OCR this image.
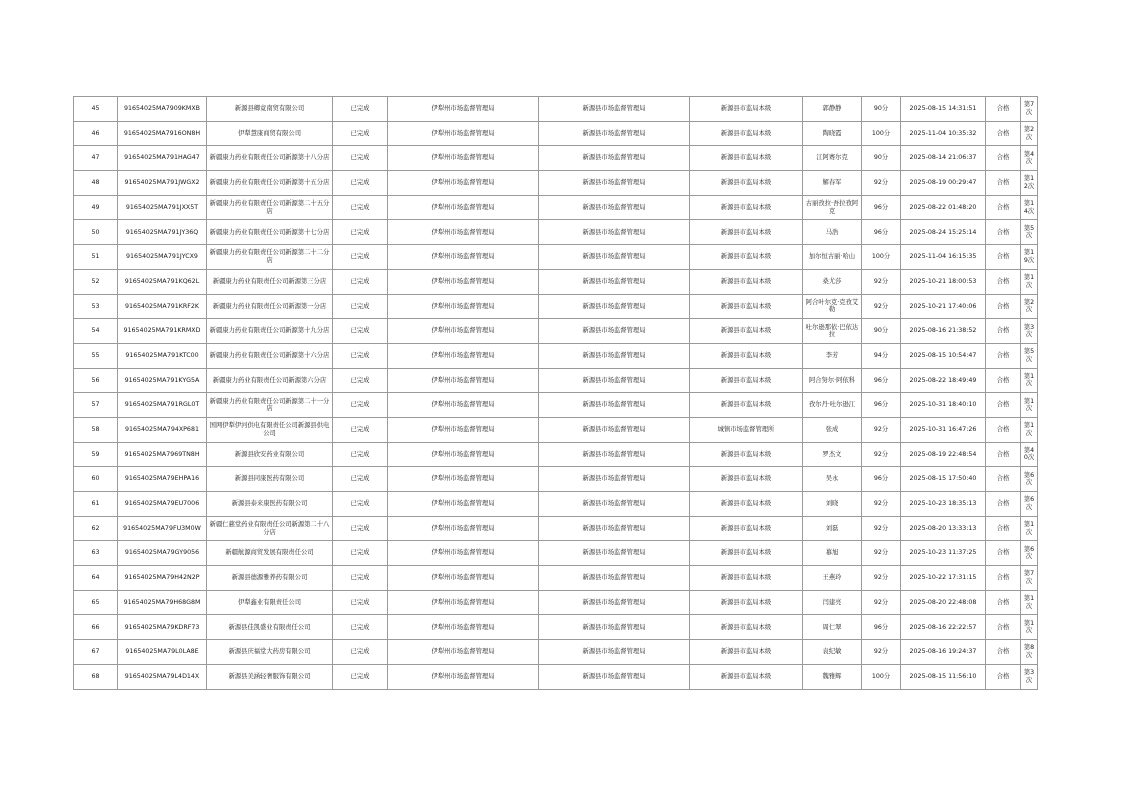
45	91654025MA7909KMXB	新源县卿竟南贸有限公司	已完成	伊犁州市场监督管理局	新源县市场监督管理局	新源县市监局本级	郭静静	90分	2025-08-15 14:31:51	合格	第7次
46	91654025MA7916ON8H	伊犁慧康商贸有限公司	已完成	伊犁州市场监督管理局	新源县市场监督管理局	新源县市监局本级	陶晓霞	100分	2025-11-04 10:35:32	合格	第2次
47	91654025MA791HAG47	新疆康力药业有限责任公司新源第十八分店	已完成	伊犁州市场监督管理局	新源县市场监督管理局	新源县市监局本级	江阿赛尔克	90分	2025-08-14 21:06:37	合格	第4次
48	91654025MA791JWGX2	新疆康力药业有限责任公司新源第十五分店	已完成	伊犁州市场监督管理局	新源县市场监督管理局	新源县市监局本级	解春军	92分	2025-08-19 00:29:47	合格	第12次
49	91654025MA791JXX5T	新疆康力药业有限责任公司新源第二十五分店	已完成	伊犁州市场监督管理局	新源县市场监督管理局	新源县市监局本级	古丽孜拉·吾拉孜阿克	96分	2025-08-22 01:48:20	合格	第14次
50	91654025MA791JY36Q	新疆康力药业有限责任公司新源第十七分店	已完成	伊犁州市场监督管理局	新源县市场监督管理局	新源县市监局本级	马浩	96分	2025-08-24 15:25:14	合格	第5次
51	91654025MA791JYCX9	新疆康力药业有限责任公司新源第二十二分店	已完成	伊犁州市场监督管理局	新源县市场监督管理局	新源县市监局本级	加尔恒古丽·哈山	100分	2025-11-04 16:15:35	合格	第19次
52	91654025MA791KQ62L	新疆康力药业有限责任公司新源第三分店	已完成	伊犁州市场监督管理局	新源县市场监督管理局	新源县市监局本级	桑尤莎	92分	2025-10-21 18:00:53	合格	第1次
53	91654025MA791KRF2K	新疆康力药业有限责任公司新源第一分店	已完成	伊犁州市场监督管理局	新源县市场监督管理局	新源县市监局本级	阿合叶尔克·克孜艾勒	92分	2025-10-21 17:40:06	合格	第2次
54	91654025MA791KRMXD	新疆康力药业有限责任公司新源第十九分店	已完成	伊犁州市场监督管理局	新源县市场监督管理局	新源县市监局本级	吐尔逊那依·巴依达拉	90分	2025-08-16 21:38:52	合格	第3次
55	91654025MA791KTC00	新疆康力药业有限责任公司新源第十六分店	已完成	伊犁州市场监督管理局	新源县市场监督管理局	新源县市监局本级	李芳	94分	2025-08-15 10:54:47	合格	第5次
56	91654025MA791KYG5A	新疆康力药业有限责任公司新源第六分店	已完成	伊犁州市场监督管理局	新源县市场监督管理局	新源县市监局本级	阿合努尔·阿依科	96分	2025-08-22 18:49:49	合格	第1次
57	91654025MA791RGL0T	新疆康力药业有限责任公司新源第二十一分店	已完成	伊犁州市场监督管理局	新源县市场监督管理局	新源县市监局本级	孜尔丹·吐尔逊江	96分	2025-10-31 18:40:10	合格	第1次
58	91654025MA794XP681	国网伊犁伊河供电有限责任公司新源县供电公司	已完成	伊犁州市场监督管理局	新源县市场监督管理局	城镇市场监督管理所	张成	92分	2025-10-31 16:47:26	合格	第1次
59	91654025MA7969TN8H	新源县欣安药业有限公司	已完成	伊犁州市场监督管理局	新源县市场监督管理局	新源县市监局本级	罗杰文	92分	2025-08-19 22:48:54	合格	第40次
60	91654025MA79EHPA16	新源县同康医药有限公司	已完成	伊犁州市场监督管理局	新源县市场监督管理局	新源县市监局本级	吴永	96分	2025-08-15 17:50:40	合格	第6次
61	91654025MA79EU7006	新源县泰来康医药有限公司	已完成	伊犁州市场监督管理局	新源县市场监督管理局	新源县市监局本级	刘晓	92分	2025-10-23 18:35:13	合格	第6次
62	91654025MA79FU3M0W	新疆仁慈堂药业有限责任公司新源第二十八分店	已完成	伊犁州市场监督管理局	新源县市场监督管理局	新源县市监局本级	刘磊	92分	2025-08-20 13:33:13	合格	第1次
63	91654025MA79GY9056	新疆航源商贸发展有限责任公司	已完成	伊犁州市场监督管理局	新源县市场监督管理局	新源县市监局本级	慕旭	92分	2025-10-23 11:37:25	合格	第6次
64	91654025MA79H42N2P	新源县德源雅养药有限公司	已完成	伊犁州市场监督管理局	新源县市场监督管理局	新源县市监局本级	王燕玲	92分	2025-10-22 17:31:15	合格	第7次
65	91654025MA79H68G8M	伊犁鑫业有限责任公司	已完成	伊犁州市场监督管理局	新源县市场监督管理局	新源县市监局本级	闫建亮	92分	2025-08-20 22:48:08	合格	第1次
66	91654025MA79KDRF73	新源县佳凯盛业有限责任公司	已完成	伊犁州市场监督管理局	新源县市场监督管理局	新源县市监局本级	周仁翠	96分	2025-08-16 22:22:57	合格	第1次
67	91654025MA79L0LA8E	新源县庆福堂大药房有限公司	已完成	伊犁州市场监督管理局	新源县市场监督管理局	新源县市监局本级	袁纪敏	92分	2025-08-16 19:24:37	合格	第8次
68	91654025MA79L4D14X	新源县美涵轻奢服饰有限公司	已完成	伊犁州市场监督管理局	新源县市场监督管理局	新源县市监局本级	魏雅辉	100分	2025-08-15 11:56:10	合格	第3次
